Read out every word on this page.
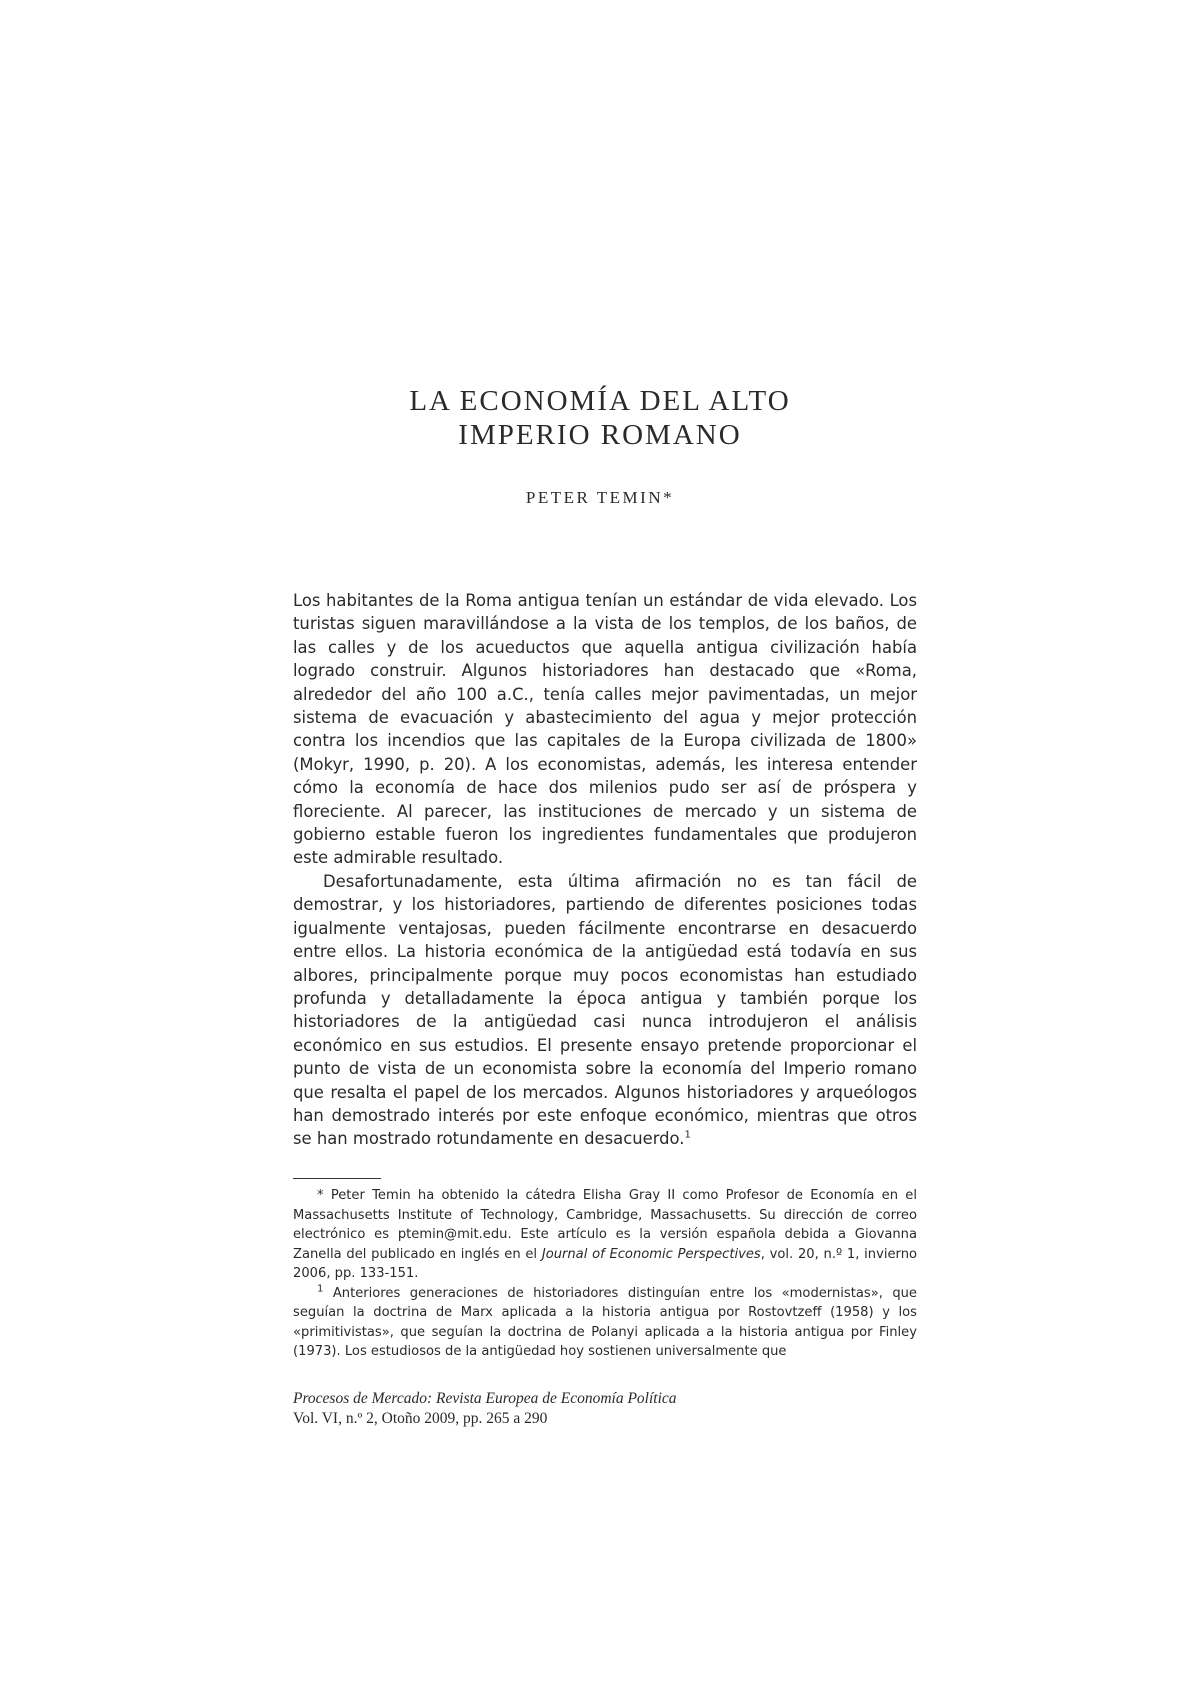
LA ECONOMÍA DEL ALTO
IMPERIO ROMANO
PETER TEMIN*

Los habitantes de la Roma antigua tenían un estándar de vida elevado. Los turistas siguen maravillándose a la vista de los templos, de los baños, de las calles y de los acueductos que aquella antigua civilización había logrado construir. Algunos historiadores han destacado que «Roma, alrededor del año 100 a.C., tenía calles mejor pavimentadas, un mejor sistema de evacuación y abastecimiento del agua y mejor protección contra los incendios que las capitales de la Europa civilizada de 1800» (Mokyr, 1990, p. 20). A los economistas, además, les interesa entender cómo la economía de hace dos milenios pudo ser así de próspera y floreciente. Al parecer, las instituciones de mercado y un sistema de gobierno estable fueron los ingredientes fundamentales que produjeron este admirable resultado.

Desafortunadamente, esta última afirmación no es tan fácil de demostrar, y los historiadores, partiendo de diferentes posiciones todas igualmente ventajosas, pueden fácilmente encontrarse en desacuerdo entre ellos. La historia económica de la antigüedad está todavía en sus albores, principalmente porque muy pocos economistas han estudiado profunda y detalladamente la época antigua y también porque los historiadores de la antigüedad casi nunca introdujeron el análisis económico en sus estudios. El presente ensayo pretende proporcionar el punto de vista de un economista sobre la economía del Imperio romano que resalta el papel de los mercados. Algunos historiadores y arqueólogos han demostrado interés por este enfoque económico, mientras que otros se han mostrado rotundamente en desacuerdo.$^1$

* Peter Temin ha obtenido la cátedra Elisha Gray II como Profesor de Economía en el Massachusetts Institute of Technology, Cambridge, Massachusetts. Su dirección de correo electrónico es ptemin@mit.edu. Este artículo es la versión española debida a Giovanna Zanella del publicado en inglés en el Journal of Economic Perspectives, vol. 20, n.º 1, invierno 2006, pp. 133-151.

$^1$ Anteriores generaciones de historiadores distinguían entre los «modernistas», que seguían la doctrina de Marx aplicada a la historia antigua por Rostovtzeff (1958) y los «primitivistas», que seguían la doctrina de Polanyi aplicada a la historia antigua por Finley (1973). Los estudiosos de la antigüedad hoy sostienen universalmente que

Procesos de Mercado: Revista Europea de Economía Política
Vol. VI, n.º 2, Otoño 2009, pp. 265 a 290
